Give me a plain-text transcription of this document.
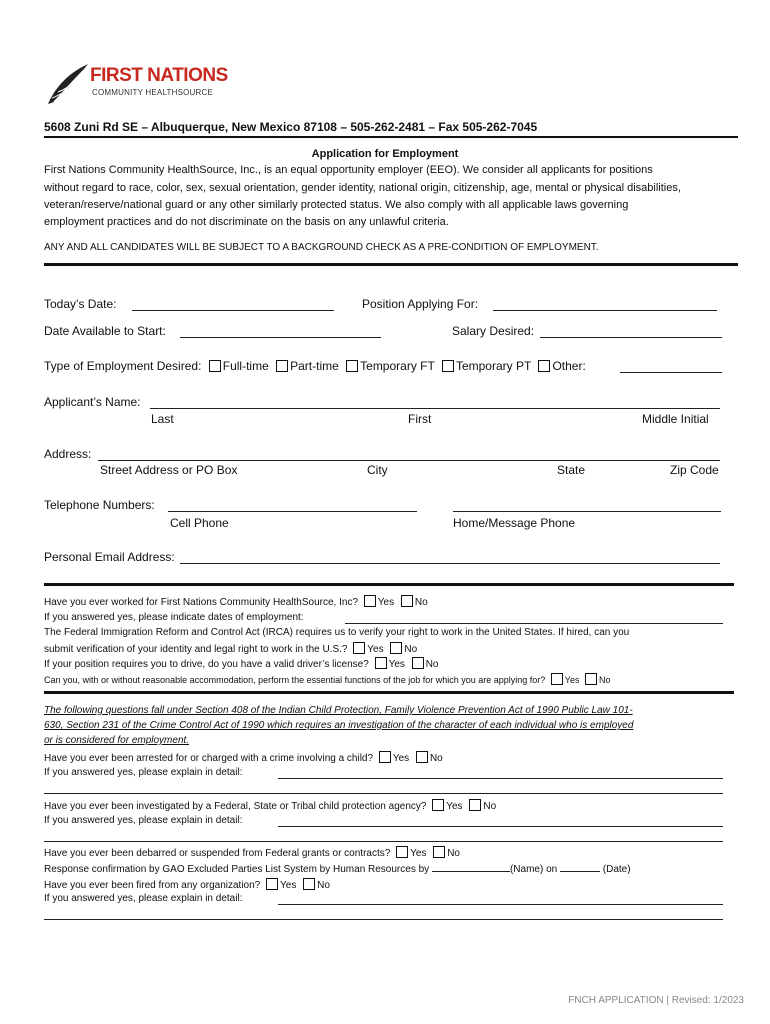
FIRST NATIONS
COMMUNITY HEALTHSOURCE
5608 Zuni Rd SE – Albuquerque, New Mexico 87108 – 505-262-2481 – Fax 505-262-7045
Application for Employment
First Nations Community HealthSource, Inc., is an equal opportunity employer (EEO). We consider all applicants for positions
without regard to race, color, sex, sexual orientation, gender identity, national origin, citizenship, age, mental or physical disabilities,
veteran/reserve/national guard or any other similarly protected status. We also comply with all applicable laws governing
employment practices and do not discriminate on the basis on any unlawful criteria.
ANY AND ALL CANDIDATES WILL BE SUBJECT TO A BACKGROUND CHECK AS A PRE-CONDITION OF EMPLOYMENT.
Today’s Date:	Position Applying For:
Date Available to Start:	Salary Desired:
Type of Employment Desired: Full-time Part-time Temporary FT Temporary PT Other:
Applicant’s Name:
Last	First	Middle Initial
Address:
Street Address or PO Box	City	State	Zip Code
Telephone Numbers:
Cell Phone	Home/Message Phone
Personal Email Address:
Have you ever worked for First Nations Community HealthSource, Inc? Yes No
If you answered yes, please indicate dates of employment:
The Federal Immigration Reform and Control Act (IRCA) requires us to verify your right to work in the United States. If hired, can you
submit verification of your identity and legal right to work in the U.S.? Yes No
If your position requires you to drive, do you have a valid driver’s license? Yes No
Can you, with or without reasonable accommodation, perform the essential functions of the job for which you are applying for? Yes No
The following questions fall under Section 408 of the Indian Child Protection, Family Violence Prevention Act of 1990 Public Law 101-
630, Section 231 of the Crime Control Act of 1990 which requires an investigation of the character of each individual who is employed
or is considered for employment.
Have you ever been arrested for or charged with a crime involving a child? Yes No
If you answered yes, please explain in detail:
Have you ever been investigated by a Federal, State or Tribal child protection agency? Yes No
If you answered yes, please explain in detail:
Have you ever been debarred or suspended from Federal grants or contracts? Yes No
Response confirmation by GAO Excluded Parties List System by Human Resources by	(Name) on	(Date)
Have you ever been fired from any organization? Yes No
If you answered yes, please explain in detail:
FNCH APPLICATION | Revised: 1/2023
